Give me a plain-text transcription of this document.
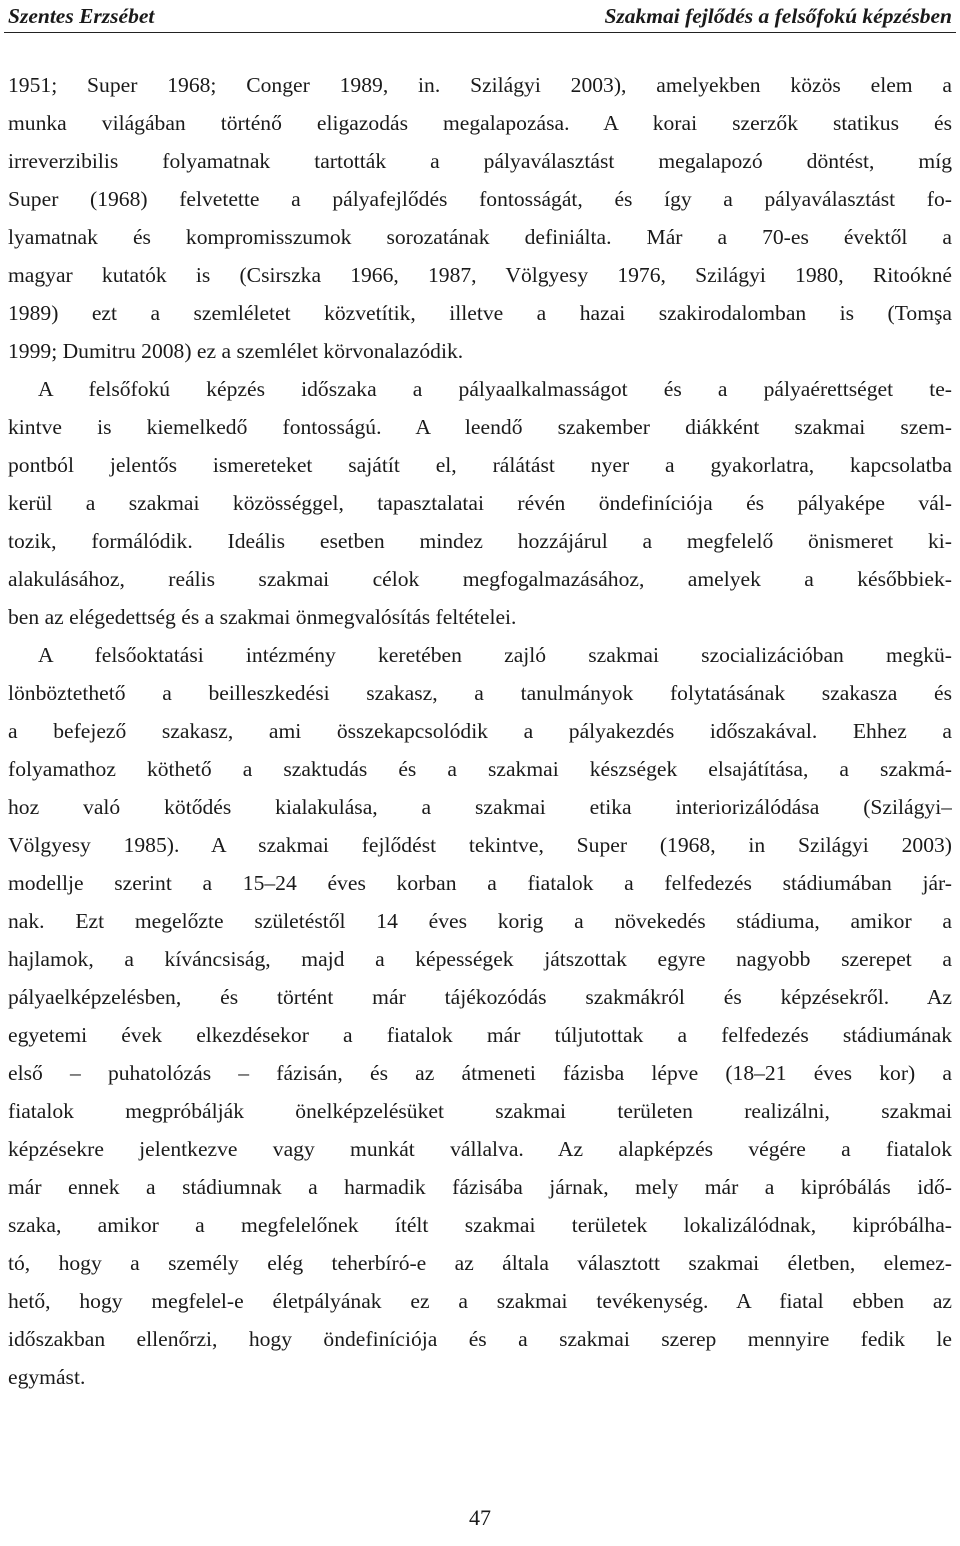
Szentes Erzsébet	Szakmai fejlődés a felsőfokú képzésben
1951; Super 1968; Conger 1989, in. Szilágyi 2003), amelyekben közös elem a
munka világában történő eligazodás megalapozása. A korai szerzők statikus és
irreverzibilis folyamatnak tartották a pályaválasztást megalapozó döntést, míg
Super (1968) felvetette a pályafejlődés fontosságát, és így a pályaválasztást fo-
lyamatnak és kompromisszumok sorozatának definiálta. Már a 70-es évektől a
magyar kutatók is (Csirszka 1966, 1987, Völgyesy 1976, Szilágyi 1980, Ritoókné
1989) ezt a szemléletet közvetítik, illetve a hazai szakirodalomban is (Tomşa
1999; Dumitru 2008) ez a szemlélet körvonalazódik.
A felsőfokú képzés időszaka a pályaalkalmasságot és a pályaérettséget te-
kintve is kiemelkedő fontosságú. A leendő szakember diákként szakmai szem-
pontból jelentős ismereteket sajátít el, rálátást nyer a gyakorlatra, kapcsolatba
kerül a szakmai közösséggel, tapasztalatai révén öndefiníciója és pályaképe vál-
tozik, formálódik. Ideális esetben mindez hozzájárul a megfelelő önismeret ki-
alakulásához, reális szakmai célok megfogalmazásához, amelyek a későbbiek-
ben az elégedettség és a szakmai önmegvalósítás feltételei.
A felsőoktatási intézmény keretében zajló szakmai szocializációban megkü-
lönböztethető a beilleszkedési szakasz, a tanulmányok folytatásának szakasza és
a befejező szakasz, ami összekapcsolódik a pályakezdés időszakával. Ehhez a
folyamathoz köthető a szaktudás és a szakmai készségek elsajátítása, a szakmá-
hoz való kötődés kialakulása, a szakmai etika interiorizálódása (Szilágyi–
Völgyesy 1985). A szakmai fejlődést tekintve, Super (1968, in Szilágyi 2003)
modellje szerint a 15–24 éves korban a fiatalok a felfedezés stádiumában jár-
nak. Ezt megelőzte születéstől 14 éves korig a növekedés stádiuma, amikor a
hajlamok, a kíváncsiság, majd a képességek játszottak egyre nagyobb szerepet a
pályaelképzelésben, és történt már tájékozódás szakmákról és képzésekről. Az
egyetemi évek elkezdésekor a fiatalok már túljutottak a felfedezés stádiumának
első – puhatolózás – fázisán, és az átmeneti fázisba lépve (18–21 éves kor) a
fiatalok megpróbálják önelképzelésüket szakmai területen realizálni, szakmai
képzésekre jelentkezve vagy munkát vállalva. Az alapképzés végére a fiatalok
már ennek a stádiumnak a harmadik fázisába járnak, mely már a kipróbálás idő-
szaka, amikor a megfelelőnek ítélt szakmai területek lokalizálódnak, kipróbálha-
tó, hogy a személy elég teherbíró-e az általa választott szakmai életben, elemez-
hető, hogy megfelel-e életpályának ez a szakmai tevékenység. A fiatal ebben az
időszakban ellenőrzi, hogy öndefiníciója és a szakmai szerep mennyire fedik le
egymást.
47
